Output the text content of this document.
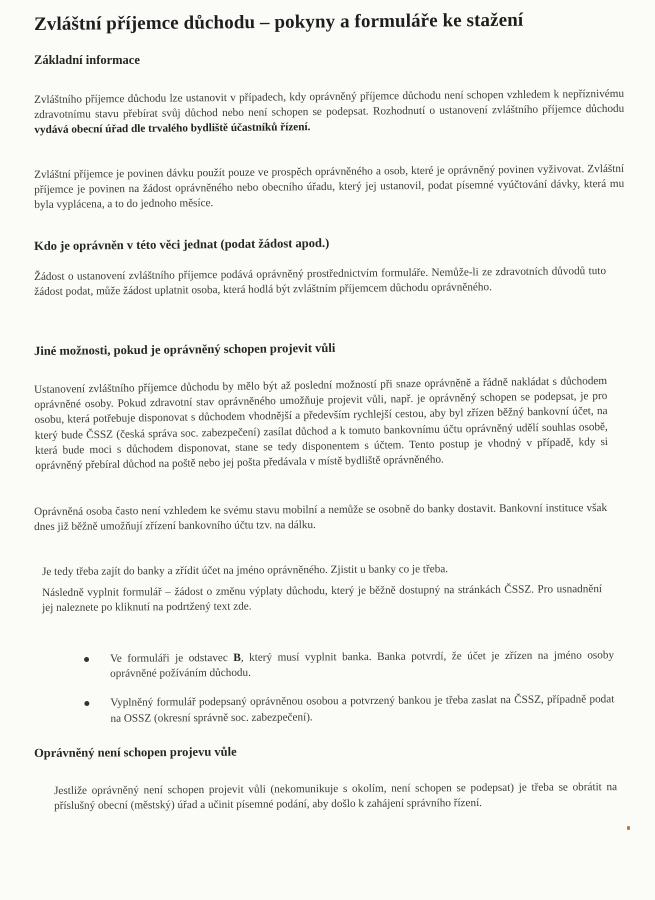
Zvláštní příjemce důchodu – pokyny a formuláře ke stažení
Základní informace
Zvláštního příjemce důchodu lze ustanovit v případech, kdy oprávněný příjemce důchodu není schopen vzhledem k nepříznivému zdravotnímu stavu přebírat svůj důchod nebo není schopen se podepsat. Rozhodnutí o ustanovení zvláštního příjemce důchodu vydává obecní úřad dle trvalého bydliště účastníků řízení.
Zvláštní příjemce je povinen dávku použít pouze ve prospěch oprávněného a osob, které je oprávněný povinen vyživovat. Zvláštní příjemce je povinen na žádost oprávněného nebo obecního úřadu, který jej ustanovil, podat písemné vyúčtování dávky, která mu byla vyplácena, a to do jednoho měsíce.
Kdo je oprávněn v této věci jednat (podat žádost apod.)
Žádost o ustanovení zvláštního příjemce podává oprávněný prostřednictvím formuláře. Nemůže-li ze zdravotních důvodů tuto žádost podat, může žádost uplatnit osoba, která hodlá být zvláštním příjemcem důchodu oprávněného.
Jiné možnosti, pokud je oprávněný schopen projevit vůli
Ustanovení zvláštního příjemce důchodu by mělo být až poslední možností při snaze oprávněně a řádně nakládat s důchodem oprávněné osoby. Pokud zdravotní stav oprávněného umožňuje projevit vůli, např. je oprávněný schopen se podepsat, je pro osobu, která potřebuje disponovat s důchodem vhodnější a především rychlejší cestou, aby byl zřízen běžný bankovní účet, na který bude ČSSZ (česká správa soc. zabezpečení) zasílat důchod a k tomuto bankovnímu účtu oprávněný udělí souhlas osobě, která bude moci s důchodem disponovat, stane se tedy disponentem s účtem. Tento postup je vhodný v případě, kdy si oprávněný přebíral důchod na poště nebo jej pošta předávala v místě bydliště oprávněného.
Oprávněná osoba často není vzhledem ke svému stavu mobilní a nemůže se osobně do banky dostavit. Bankovní instituce však dnes již běžně umožňují zřízení bankovního účtu tzv. na dálku.
Je tedy třeba zajít do banky a zřídit účet na jméno oprávněného. Zjistit u banky co je třeba.
Následně vyplnit formulář – žádost o změnu výplaty důchodu, který je běžně dostupný na stránkách ČSSZ. Pro usnadnění jej naleznete po kliknutí na podrtžený text zde.
Ve formuláři je odstavec B, který musí vyplnit banka. Banka potvrdí, že účet je zřízen na jméno osoby oprávněné požíváním důchodu.
Vyplněný formulář podepsaný oprávněnou osobou a potvrzený bankou je třeba zaslat na ČSSZ, případně podat na OSSZ (okresní správně soc. zabezpečení).
Oprávněný není schopen projevu vůle
Jestliže oprávněný není schopen projevit vůli (nekomunikuje s okolím, není schopen se podepsat) je třeba se obrátit na příslušný obecní (městský) úřad a učinit písemné podání, aby došlo k zahájení správního řízení.
